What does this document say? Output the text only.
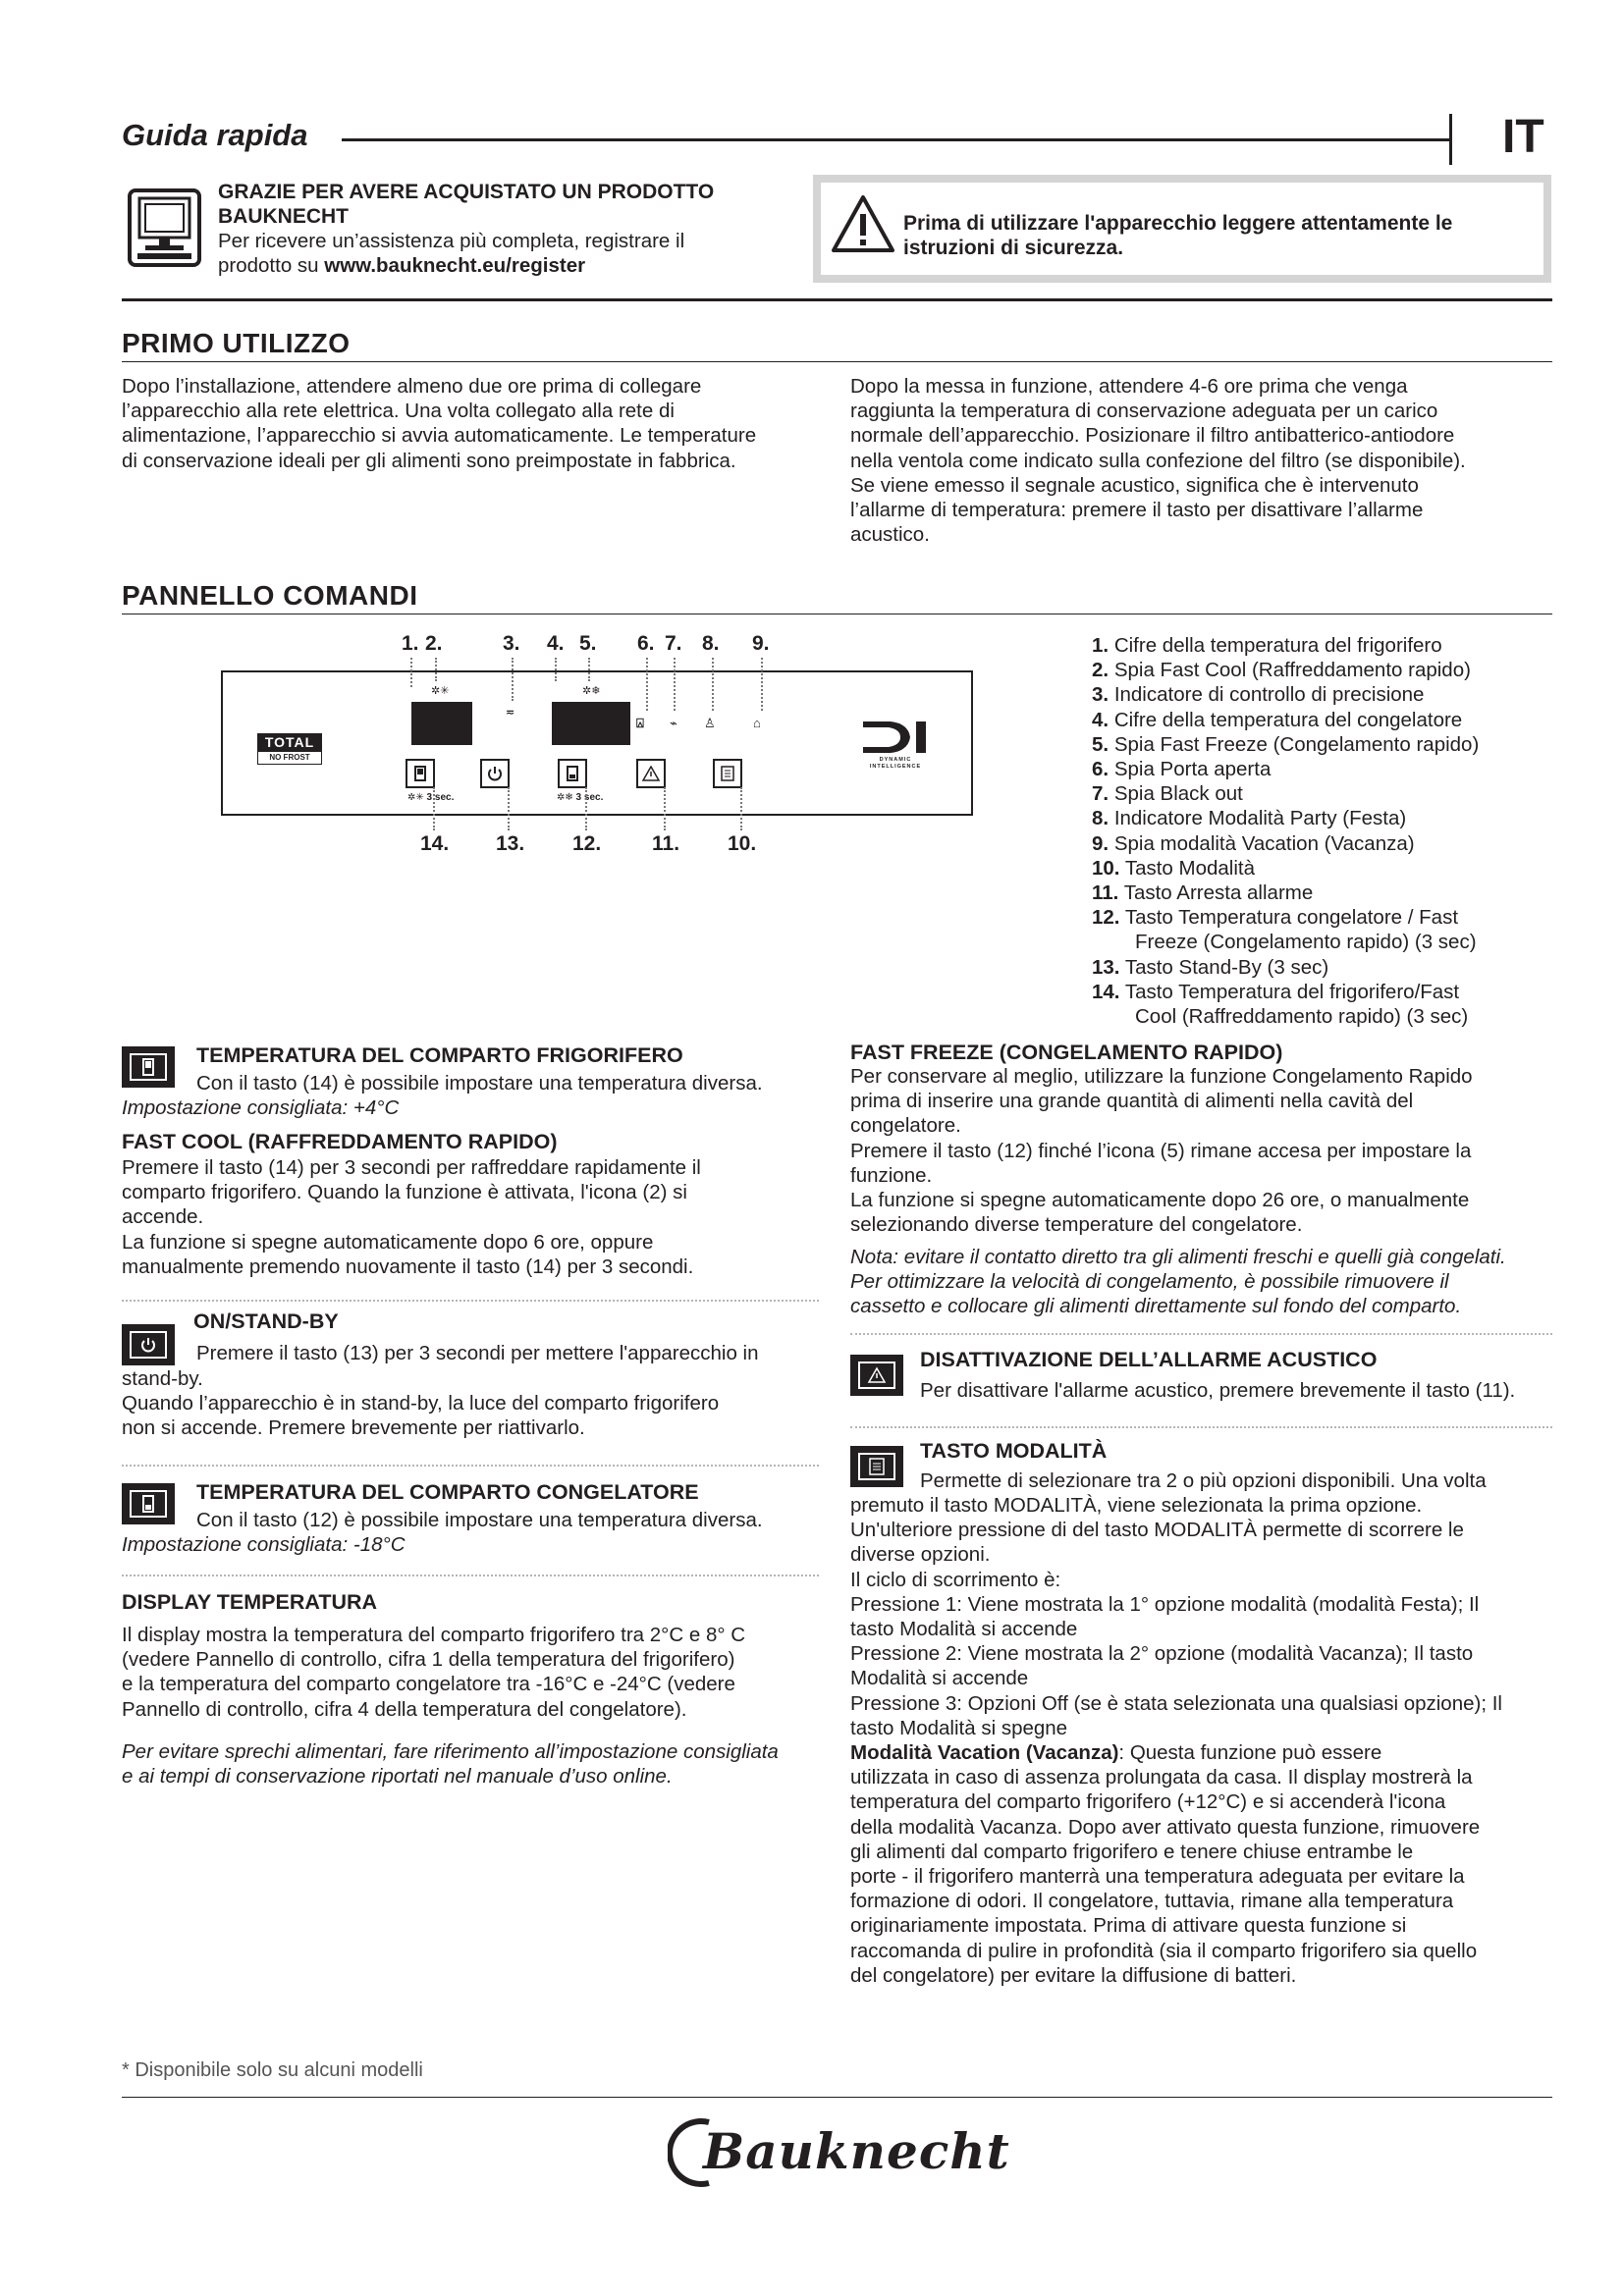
Guida rapida	IT
GRAZIE PER AVERE ACQUISTATO UN PRODOTTO
BAUKNECHT
Per ricevere un’assistenza più completa, registrare il
prodotto su www.bauknecht.eu/register
Prima di utilizzare l'apparecchio leggere attentamente le
istruzioni di sicurezza.
PRIMO UTILIZZO

Dopo l’installazione, attendere almeno due ore prima di collegare

l’apparecchio alla rete elettrica. Una volta collegato alla rete di

alimentazione, l’apparecchio si avvia automaticamente. Le temperature

di conservazione ideali per gli alimenti sono preimpostate in fabbrica.

Dopo la messa in funzione, attendere 4-6 ore prima che venga

raggiunta la temperatura di conservazione adeguata per un carico

normale dell’apparecchio. Posizionare il filtro antibatterico-antiodore

nella ventola come indicato sulla confezione del filtro (se disponibile).

Se viene emesso il segnale acustico, significa che è intervenuto

l’allarme di temperatura: premere il tasto per disattivare l’allarme

acustico.

PANNELLO COMANDI
1. 2.	3. 4. 5. 6. 7. 8. 9.
TOTAL
NO FROST
✲✳
≂
✲❄
⍓ ⌁ ♙	⌂
✲✳ 3 sec.	✲❄ 3 sec.
DYNAMIC INTELLIGENCE
14. 13. 12. 11. 10.
1. Cifre della temperatura del frigorifero
2. Spia Fast Cool (Raffreddamento rapido)
3. Indicatore di controllo di precisione
4. Cifre della temperatura del congelatore
5. Spia Fast Freeze (Congelamento rapido)
6. Spia Porta aperta
7. Spia Black out
8. Indicatore Modalità Party (Festa)
9. Spia modalità Vacation (Vacanza)
10. Tasto Modalità
11. Tasto Arresta allarme
12. Tasto Temperatura congelatore / Fast
Freeze (Congelamento rapido) (3 sec)
13. Tasto Stand-By (3 sec)
14. Tasto Temperatura del frigorifero/Fast
Cool (Raffreddamento rapido) (3 sec)
TEMPERATURA DEL COMPARTO FRIGORIFERO
Con il tasto (14) è possibile impostare una temperatura diversa.
Impostazione consigliata: +4°C
FAST COOL (RAFFREDDAMENTO RAPIDO)

Premere il tasto (14) per 3 secondi per raffreddare rapidamente il

comparto frigorifero. Quando la funzione è attivata, l'icona (2) si

accende.

La funzione si spegne automaticamente dopo 6 ore, oppure

manualmente premendo nuovamente il tasto (14) per 3 secondi.

ON/STAND-BY
Premere il tasto (13) per 3 secondi per mettere l'apparecchio in

stand-by.

Quando l’apparecchio è in stand-by, la luce del comparto frigorifero

non si accende. Premere brevemente per riattivarlo.

TEMPERATURA DEL COMPARTO CONGELATORE
Con il tasto (12) è possibile impostare una temperatura diversa.
Impostazione consigliata: -18°C
DISPLAY TEMPERATURA

Il display mostra la temperatura del comparto frigorifero tra 2°C e 8° C

(vedere Pannello di controllo, cifra 1 della temperatura del frigorifero)

e la temperatura del comparto congelatore tra -16°C e -24°C (vedere

Pannello di controllo, cifra 4 della temperatura del congelatore).

Per evitare sprechi alimentari, fare riferimento all’impostazione consigliata

e ai tempi di conservazione riportati nel manuale d’uso online.

FAST FREEZE (CONGELAMENTO RAPIDO)

Per conservare al meglio, utilizzare la funzione Congelamento Rapido

prima di inserire una grande quantità di alimenti nella cavità del

congelatore.

Premere il tasto (12) finché l’icona (5) rimane accesa per impostare la

funzione.

La funzione si spegne automaticamente dopo 26 ore, o manualmente

selezionando diverse temperature del congelatore.

Nota: evitare il contatto diretto tra gli alimenti freschi e quelli già congelati.

Per ottimizzare la velocità di congelamento, è possibile rimuovere il

cassetto e collocare gli alimenti direttamente sul fondo del comparto.

DISATTIVAZIONE DELL’ALLARME ACUSTICO
Per disattivare l'allarme acustico, premere brevemente il tasto (11).
TASTO MODALITÀ
Permette di selezionare tra 2 o più opzioni disponibili. Una volta

premuto il tasto MODALITÀ, viene selezionata la prima opzione.

Un'ulteriore pressione di del tasto MODALITÀ permette di scorrere le

diverse opzioni.

Il ciclo di scorrimento è:

Pressione 1: Viene mostrata la 1° opzione modalità (modalità Festa); Il

tasto Modalità si accende

Pressione 2: Viene mostrata la 2° opzione (modalità Vacanza); Il tasto

Modalità si accende

Pressione 3: Opzioni Off (se è stata selezionata una qualsiasi opzione); Il

tasto Modalità si spegne

Modalità Vacation (Vacanza): Questa funzione può essere

utilizzata in caso di assenza prolungata da casa. Il display mostrerà la

temperatura del comparto frigorifero (+12°C) e si accenderà l'icona

della modalità Vacanza. Dopo aver attivato questa funzione, rimuovere

gli alimenti dal comparto frigorifero e tenere chiuse entrambe le

porte - il frigorifero manterrà una temperatura adeguata per evitare la

formazione di odori. Il congelatore, tuttavia, rimane alla temperatura

originariamente impostata. Prima di attivare questa funzione si

raccomanda di pulire in profondità (sia il comparto frigorifero sia quello

del congelatore) per evitare la diffusione di batteri.

* Disponibile solo su alcuni modelli
Bauknecht
